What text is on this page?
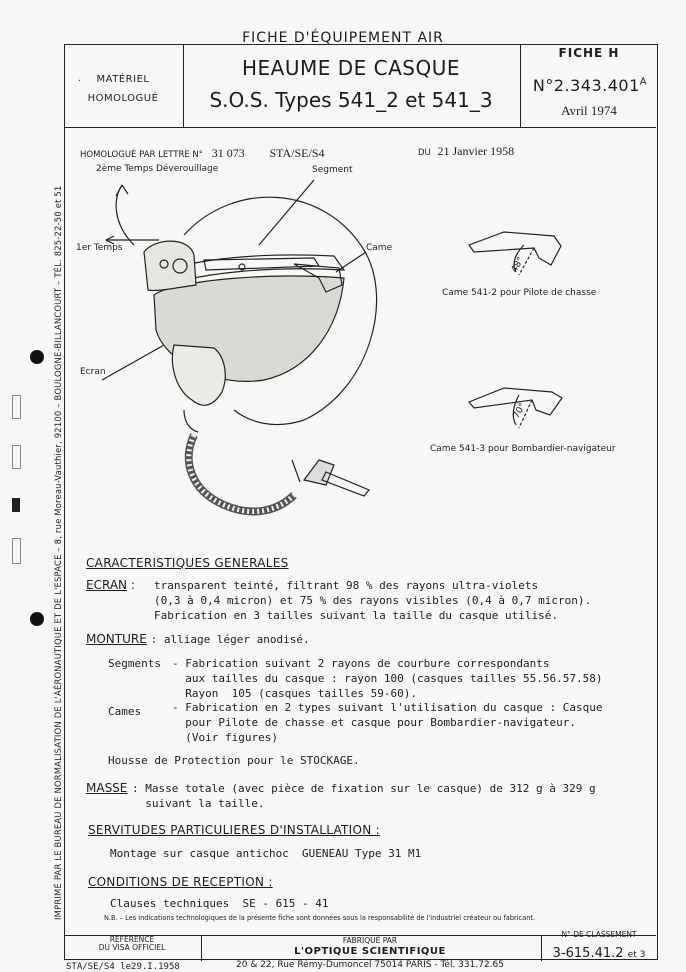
FICHE D'ÉQUIPEMENT AIR
IMPRIMÉ PAR LE BUREAU DE NORMALISATION DE L'AÉRONAUTIQUE ET DE L'ESPACE – 8, rue Moreau-Vauthier, 92100 – BOULOGNE-BILLANCOURT – TÉL. 825-22-50 et 51
MATÉRIEL
HOMOLOGUÉ
·
HEAUME DE CASQUE
S.O.S. Types 541_2 et 541_3
FICHE H
$N^\circ 2.343.401^A$
Avril 1974
HOMOLOGUÉ PAR LETTRE N° 31 073 STA/SE/S4	DU 21 Janvier 1958
2ème Temps Déverouillage
1er Temps
Segment
Came
Ecran
48°
Came 541-2 pour Pilote de chasse
70°
Came 541-3 pour Bombardier-navigateur
CARACTERISTIQUES GENERALES
ECRAN : transparent teinté, filtrant 98 % des rayons ultra-violets
(0,3 à 0,4 micron) et 75 % des rayons visibles (0,4 à 0,7 micron).
Fabrication en 3 tailles suivant la taille du casque utilisé.
MONTURE : alliage léger anodisé.
Segments - Fabrication suivant 2 rayons de courbure correspondants
aux tailles du casque : rayon 100 (casques tailles 55.56.57.58)
Rayon  105 (casques tailles 59-60).
Cames	- Fabrication en 2 types suivant l'utilisation du casque : Casque
pour Pilote de chasse et casque pour Bombardier-navigateur.
(Voir figures)
Housse de Protection pour le STOCKAGE.
MASSE : Masse totale (avec pièce de fixation sur le casque) de 312 g à 329 g
suivant la taille.
SERVITUDES PARTICULIERES D'INSTALLATION :
Montage sur casque antichoc  GUENEAU Type 31 M1
CONDITIONS DE RECEPTION :
Clauses techniques  SE - 615 - 41
N.B. – Les indications technologiques de la présente fiche sont données sous la responsabilité de l'industriel créateur ou fabricant.
REFERENCE
DU VISA OFFICIEL
STA/SE/S4 le29.I.1958
FABRIQUÉ PAR
L'OPTIQUE SCIENTIFIQUE
20 & 22, Rue Rémy-Dumoncel 75014 PARIS - Tél. 331.72.65
N° DE CLASSEMENT
3-615.41.2 et 3
